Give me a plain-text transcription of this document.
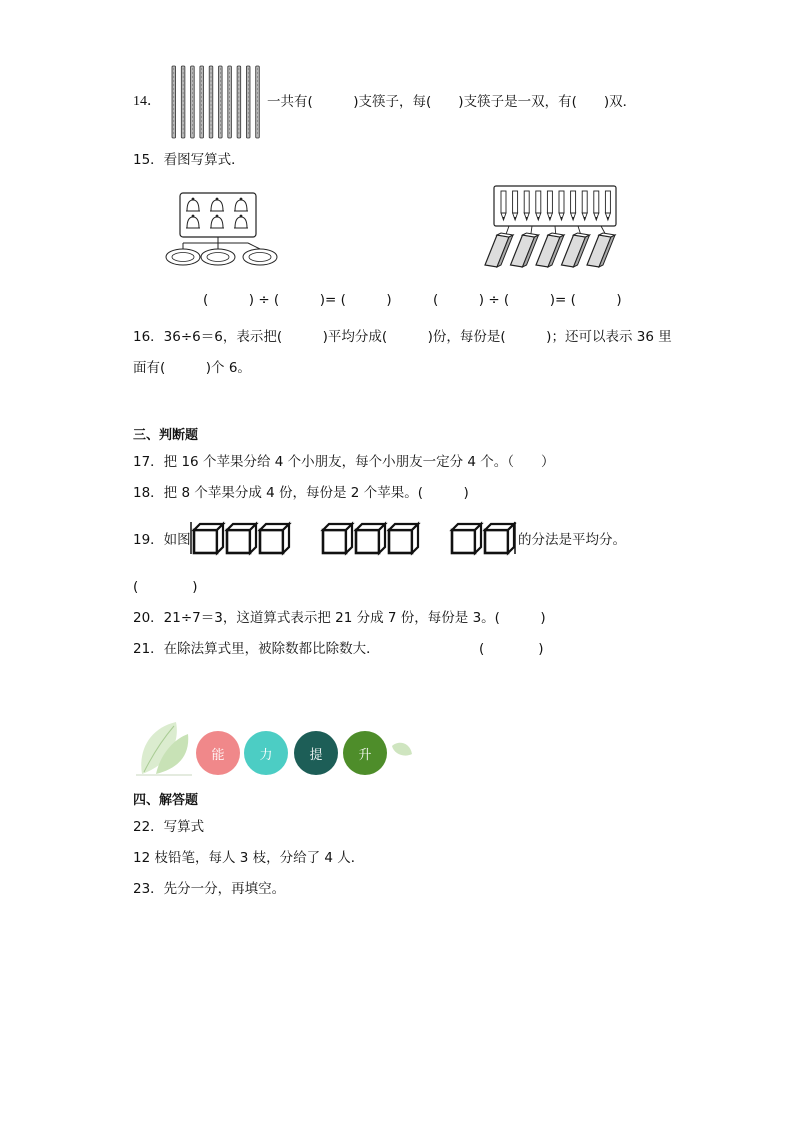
14．	一共有(　　　)支筷子，每(　　)支筷子是一双，有(　　)双．
15．看图写算式．
(　　　) ÷ (　　　)= (　　　)	(　　　) ÷ (　　　)= (　　　)
16．36÷6＝6，表示把(　　　)平均分成(　　　)份，每份是(　　　)；还可以表示 36 里
面有(　　　)个 6。
三、判断题
17．把 16 个苹果分给 4 个小朋友，每个小朋友一定分 4 个。（　　）
18．把 8 个苹果分成 4 份，每份是 2 个苹果。(　　　)
19．如图	的分法是平均分。
(　　　　)
20．21÷7＝3，这道算式表示把 21 分成 7 份，每份是 3。(　　　)
21．在除法算式里，被除数都比除数大．	(　　　　)
能	力	提	升
四、解答题
22．写算式
12 枝铅笔，每人 3 枝，分给了 4 人．
23．先分一分，再填空。
